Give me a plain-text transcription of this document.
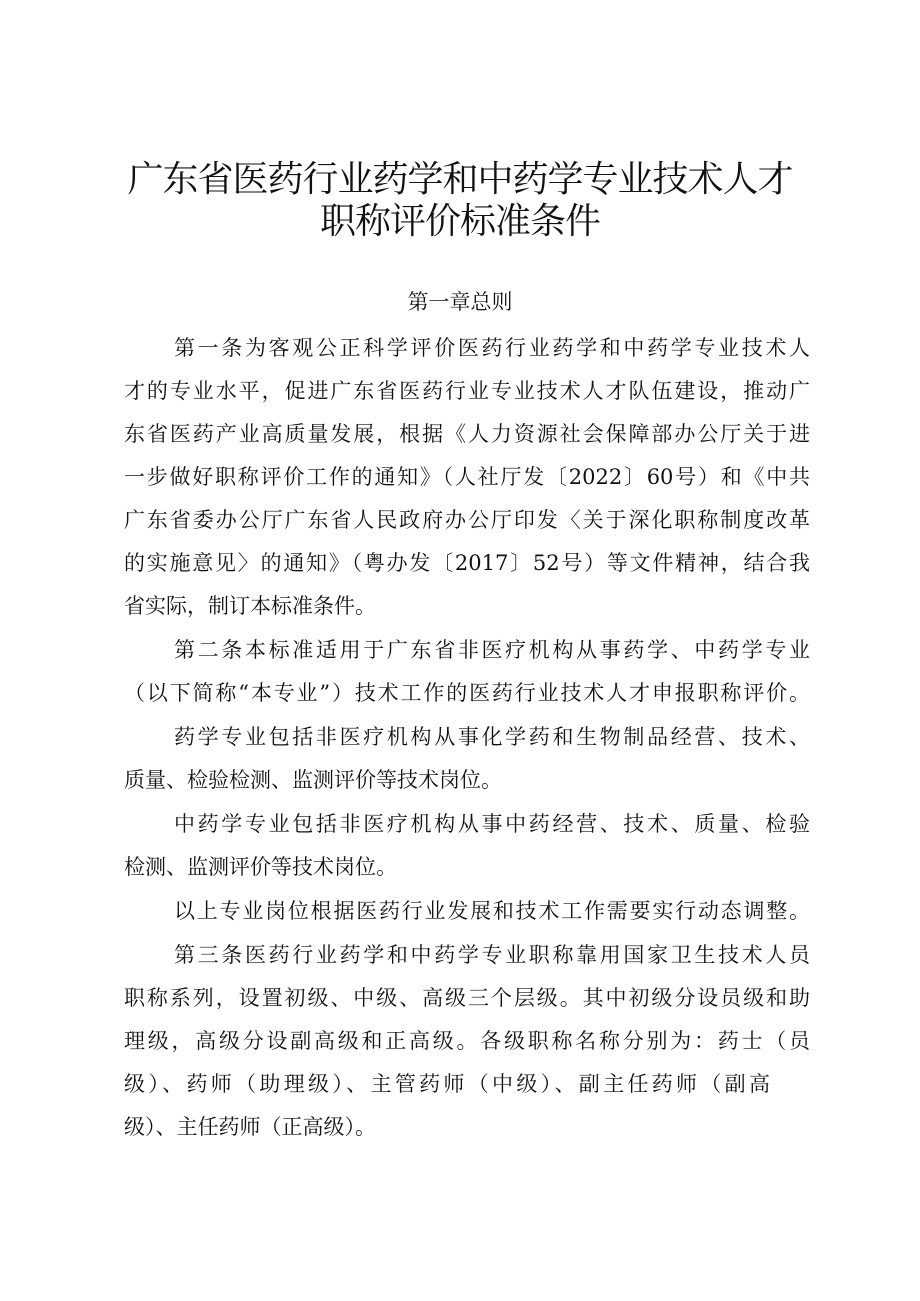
广东省医药行业药学和中药学专业技术人才
职称评价标准条件
第一章总则
第一条为客观公正科学评价医药行业药学和中药学专业技术人
才的专业水平，促进广东省医药行业专业技术人才队伍建设，推动广
东省医药产业高质量发展，根据《人力资源社会保障部办公厅关于进
一步做好职称评价工作的通知》（人社厅发〔2022〕60号）和《中共
广东省委办公厅广东省人民政府办公厅印发〈关于深化职称制度改革
的实施意见〉的通知》（粤办发〔2017〕52号）等文件精神，结合我
省实际，制订本标准条件。
第二条本标准适用于广东省非医疗机构从事药学、中药学专业
（以下简称“本专业”）技术工作的医药行业技术人才申报职称评价。
药学专业包括非医疗机构从事化学药和生物制品经营、技术、
质量、检验检测、监测评价等技术岗位。
中药学专业包括非医疗机构从事中药经营、技术、质量、检验
检测、监测评价等技术岗位。
以上专业岗位根据医药行业发展和技术工作需要实行动态调整。
第三条医药行业药学和中药学专业职称靠用国家卫生技术人员
职称系列，设置初级、中级、高级三个层级。其中初级分设员级和助
理级，高级分设副高级和正高级。各级职称名称分别为：药士（员
级）、药师（助理级）、主管药师（中级）、副主任药师（副高
级）、主任药师（正高级）。
